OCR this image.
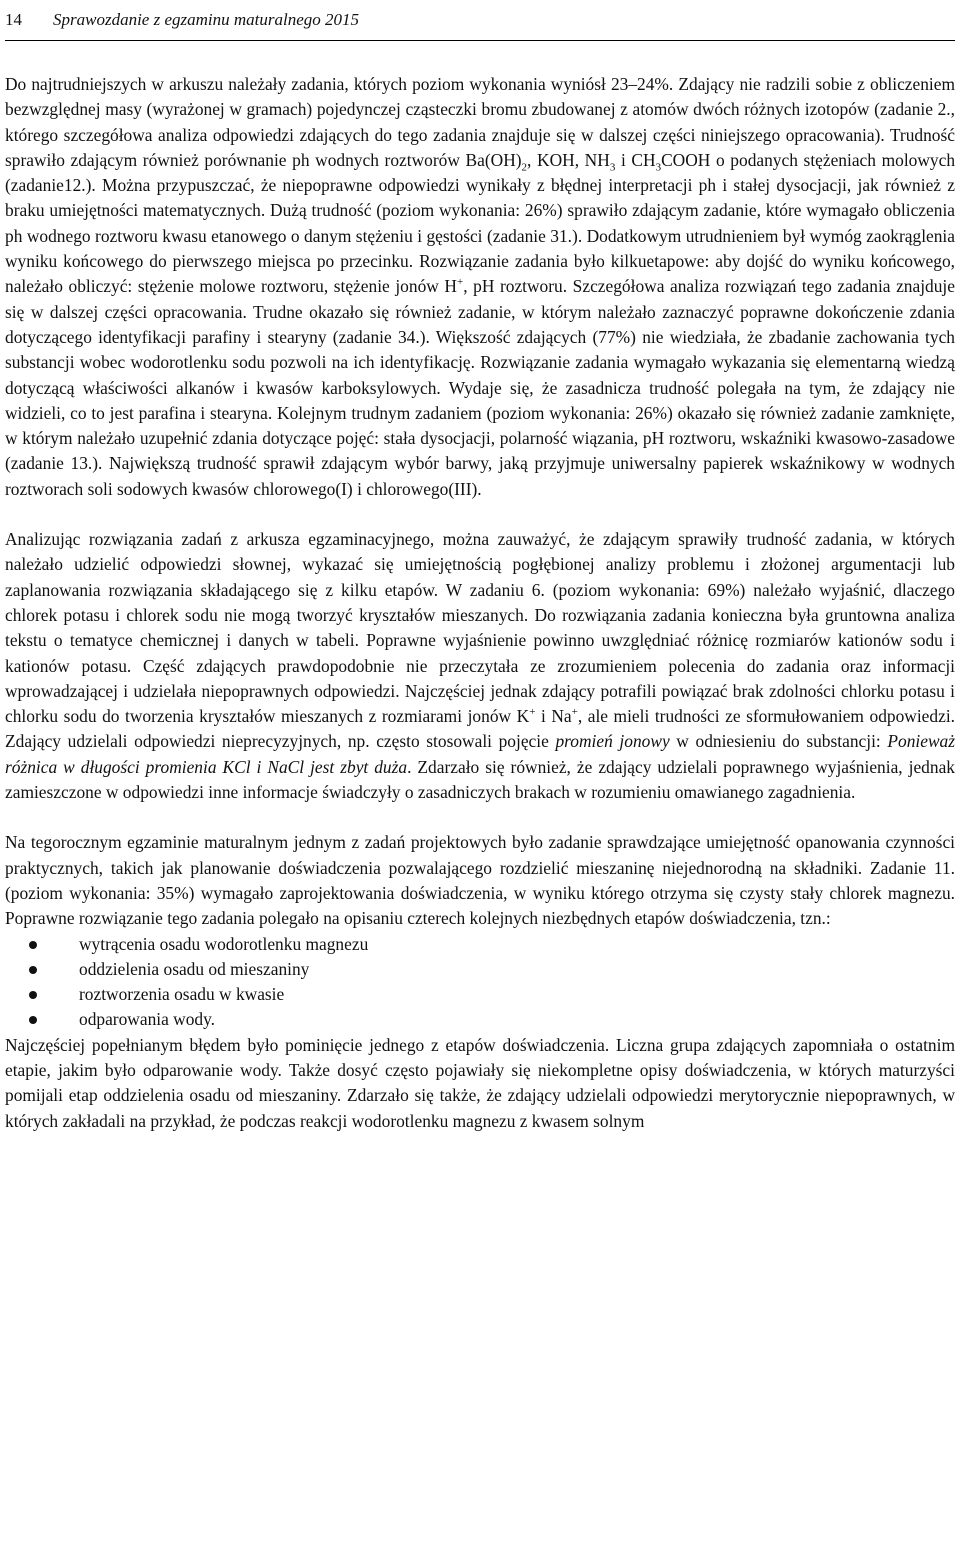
14	Sprawozdanie z egzaminu maturalnego 2015

Do najtrudniejszych w arkuszu należały zadania, których poziom wykonania wyniósł 23–24%. Zdający nie radzili sobie z obliczeniem bezwzględnej masy (wyrażonej w gramach) pojedynczej cząsteczki bromu zbudowanej z atomów dwóch różnych izotopów (zadanie 2., którego szczegółowa analiza odpowiedzi zdających do tego zadania znajduje się w dalszej części niniejszego opracowania). Trudność sprawiło zdającym również porównanie ph wodnych roztworów $Ba(OH)_2$, KOH, $NH_3$ i $CH_3COOH$ o podanych stężeniach molowych (zadanie12.). Można przypuszczać, że niepoprawne odpowiedzi wynikały z błędnej interpretacji ph i stałej dysocjacji, jak również z braku umiejętności matematycznych. Dużą trudność (poziom wykonania: 26%) sprawiło zdającym zadanie, które wymagało obliczenia ph wodnego roztworu kwasu etanowego o danym stężeniu i gęstości (zadanie 31.). Dodatkowym utrudnieniem był wymóg zaokrąglenia wyniku końcowego do pierwszego miejsca po przecinku. Rozwiązanie zadania było kilkuetapowe: aby dojść do wyniku końcowego, należało obliczyć: stężenie molowe roztworu, stężenie jonów H+, pH roztworu. Szczegółowa analiza rozwiązań tego zadania znajduje się w dalszej części opracowania. Trudne okazało się również zadanie, w którym należało zaznaczyć poprawne dokończenie zdania dotyczącego identyfikacji parafiny i stearyny (zadanie 34.). Większość zdających (77%) nie wiedziała, że zbadanie zachowania tych substancji wobec wodorotlenku sodu pozwoli na ich identyfikację. Rozwiązanie zadania wymagało wykazania się elementarną wiedzą dotyczącą właściwości alkanów i kwasów karboksylowych. Wydaje się, że zasadnicza trudność polegała na tym, że zdający nie widzieli, co to jest parafina i stearyna. Kolejnym trudnym zadaniem (poziom wykonania: 26%) okazało się również zadanie zamknięte, w którym należało uzupełnić zdania dotyczące pojęć: stała dysocjacji, polarność wiązania, pH roztworu, wskaźniki kwasowo-zasadowe (zadanie 13.). Największą trudność sprawił zdającym wybór barwy, jaką przyjmuje uniwersalny papierek wskaźnikowy w wodnych roztworach soli sodowych kwasów chlorowego(I) i chlorowego(III).

Analizując rozwiązania zadań z arkusza egzaminacyjnego, można zauważyć, że zdającym sprawiły trudność zadania, w których należało udzielić odpowiedzi słownej, wykazać się umiejętnością pogłębionej analizy problemu i złożonej argumentacji lub zaplanowania rozwiązania składającego się z kilku etapów. W zadaniu 6. (poziom wykonania: 69%) należało wyjaśnić, dlaczego chlorek potasu i chlorek sodu nie mogą tworzyć kryształów mieszanych. Do rozwiązania zadania konieczna była gruntowna analiza tekstu o tematyce chemicznej i danych w tabeli. Poprawne wyjaśnienie powinno uwzględniać różnicę rozmiarów kationów sodu i kationów potasu. Część zdających prawdopodobnie nie przeczytała ze zrozumieniem polecenia do zadania oraz informacji wprowadzającej i udzielała niepoprawnych odpowiedzi. Najczęściej jednak zdający potrafili powiązać brak zdolności chlorku potasu i chlorku sodu do tworzenia kryształów mieszanych z rozmiarami jonów K+ i Na+, ale mieli trudności ze sformułowaniem odpowiedzi. Zdający udzielali odpowiedzi nieprecyzyjnych, np. często stosowali pojęcie promień jonowy w odniesieniu do substancji: Ponieważ różnica w długości promienia KCl i NaCl jest zbyt duża. Zdarzało się również, że zdający udzielali poprawnego wyjaśnienia, jednak zamieszczone w odpowiedzi inne informacje świadczyły o zasadniczych brakach w rozumieniu omawianego zagadnienia.

Na tegorocznym egzaminie maturalnym jednym z zadań projektowych było zadanie sprawdzające umiejętność opanowania czynności praktycznych, takich jak planowanie doświadczenia pozwalającego rozdzielić mieszaninę niejednorodną na składniki. Zadanie 11. (poziom wykonania: 35%) wymagało zaprojektowania doświadczenia, w wyniku którego otrzyma się czysty stały chlorek magnezu. Poprawne rozwiązanie tego zadania polegało na opisaniu czterech kolejnych niezbędnych etapów doświadczenia, tzn.:

wytrącenia osadu wodorotlenku magnezu
oddzielenia osadu od mieszaniny
roztworzenia osadu w kwasie
odparowania wody.

Najczęściej popełnianym błędem było pominięcie jednego z etapów doświadczenia. Liczna grupa zdających zapomniała o ostatnim etapie, jakim było odparowanie wody. Także dosyć często pojawiały się niekompletne opisy doświadczenia, w których maturzyści pomijali etap oddzielenia osadu od mieszaniny. Zdarzało się także, że zdający udzielali odpowiedzi merytorycznie niepoprawnych, w których zakładali na przykład, że podczas reakcji wodorotlenku magnezu z kwasem solnym
